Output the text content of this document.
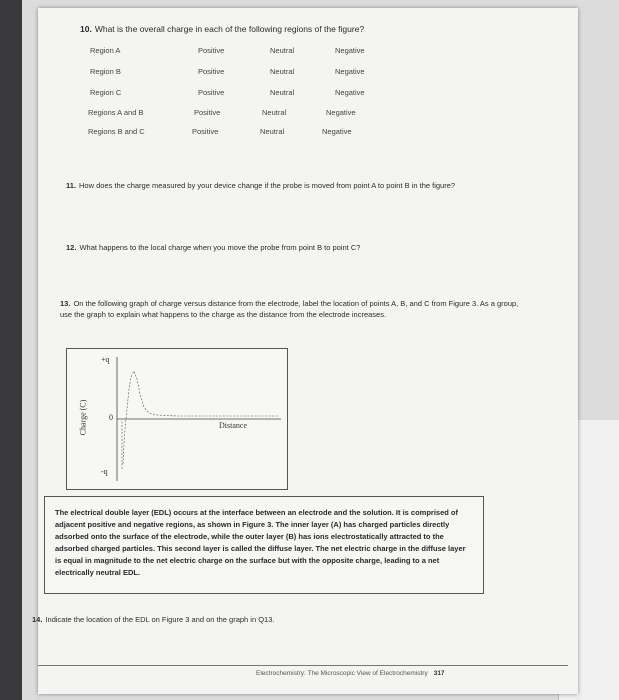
10. What is the overall charge in each of the following regions of the figure?
Region A	Positive	Neutral	Negative
Region B	Positive	Neutral	Negative
Region C	Positive	Neutral	Negative
Regions A and B	Positive	Neutral	Negative
Regions B and C	Positive	Neutral	Negative
11. How does the charge measured by your device change if the probe is moved from point A to point B in the figure?
12. What happens to the local charge when you move the probe from point B to point C?
13. On the following graph of charge versus distance from the electrode, label the location of points A, B, and C from Figure 3. As a group, use the graph to explain what happens to the charge as the distance from the electrode increases.
+q
0
-q
Distance
Charge (C)
The electrical double layer (EDL) occurs at the interface between an electrode and the solution. It is comprised of adjacent positive and negative regions, as shown in Figure 3. The inner layer (A) has charged particles directly adsorbed onto the surface of the electrode, while the outer layer (B) has ions electrostatically attracted to the adsorbed charged particles. This second layer is called the diffuse layer. The net electric charge in the diffuse layer is equal in magnitude to the net electric charge on the surface but with the opposite charge, leading to a net electrically neutral EDL.
14. Indicate the location of the EDL on Figure 3 and on the graph in Q13.
Electrochemistry: The Microscopic View of Electrochemistry 317
